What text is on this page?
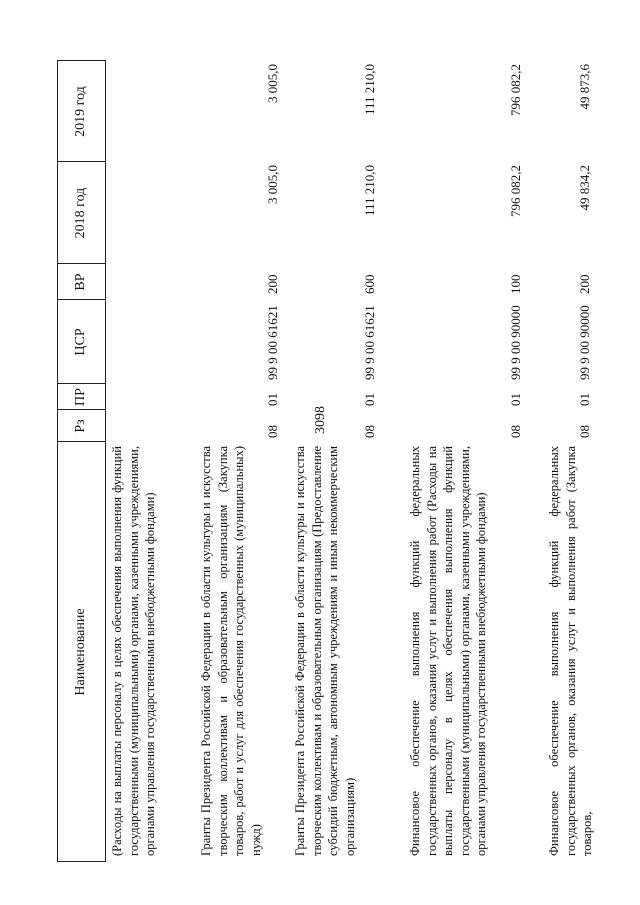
3098
Наименование
Рз
ПР
ЦСР
ВР
2018 год
2019 год
(Расходы на выплаты персоналу в целях обеспечения выполнения функций государственными (муниципальными) органами, казенными учреждениями, органами управления государственными внебюджетными фондами)	Гранты Президента Российской Федерации в области культуры и искусства творческим коллективам и образовательным организациям (Закупка товаров, работ и услуг для обеспечения государственных (муниципальных) нужд)
08
01
99 9 00 61621
200
3 005,0
3 005,0
Гранты Президента Российской Федерации в области культуры и искусства творческим коллективам и образовательным организациям (Предоставление субсидий бюджетным, автономным учреждениям и иным некоммерческим организациям)
08
01
99 9 00 61621
600
111 210,0
111 210,0
Финансовое обеспечение выполнения функций федеральных государственных органов, оказания услуг и выполнения работ (Расходы на выплаты персоналу в целях обеспечения выполнения функций государственными (муниципальными) органами, казенными учреждениями, органами управления государственными внебюджетными фондами)
08
01
99 9 00 90000
100
796 082,2
796 082,2
Финансовое обеспечение выполнения функций федеральных государственных органов, оказания услуг и выполнения работ (Закупка товаров,
08
01
99 9 00 90000
200
49 834,2
49 873,6
